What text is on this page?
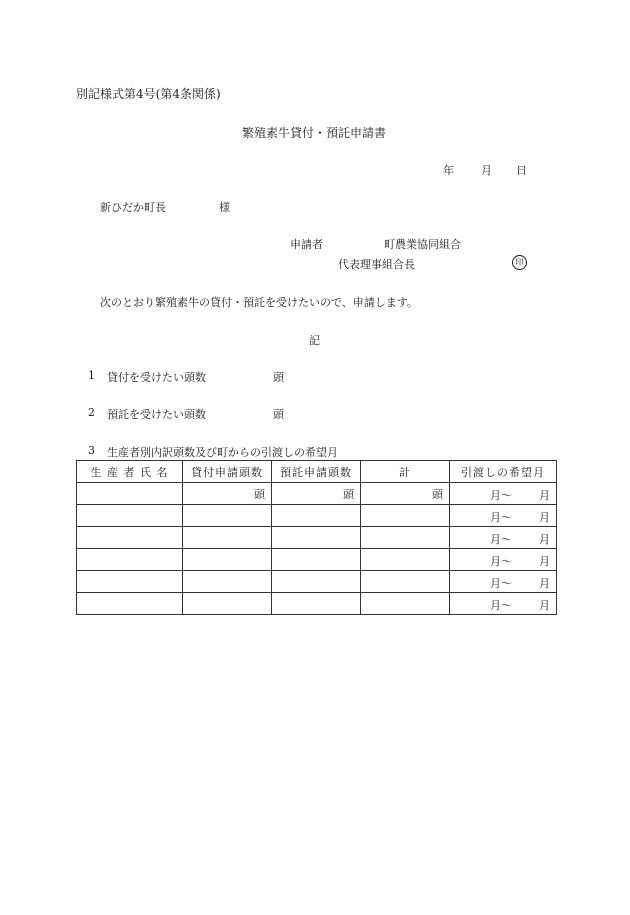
別記様式第4号(第4条関係)
繁殖素牛貸付・預託申請書
年 月 日
新ひだか町長	様
申請者	町農業協同組合
代表理事組合長	印
次のとおり繁殖素牛の貸付・預託を受けたいので、申請します。
記
1 貸付を受けたい頭数	頭
2 預託を受けたい頭数	頭
3 生産者別内訳頭数及び町からの引渡しの希望月
生 産 者 氏 名	貸付申請頭数	預託申請頭数	計	引渡しの希望月
	頭	頭	頭	月～ 月

				月～ 月

				月～ 月

				月～ 月

				月～ 月

				月～ 月
